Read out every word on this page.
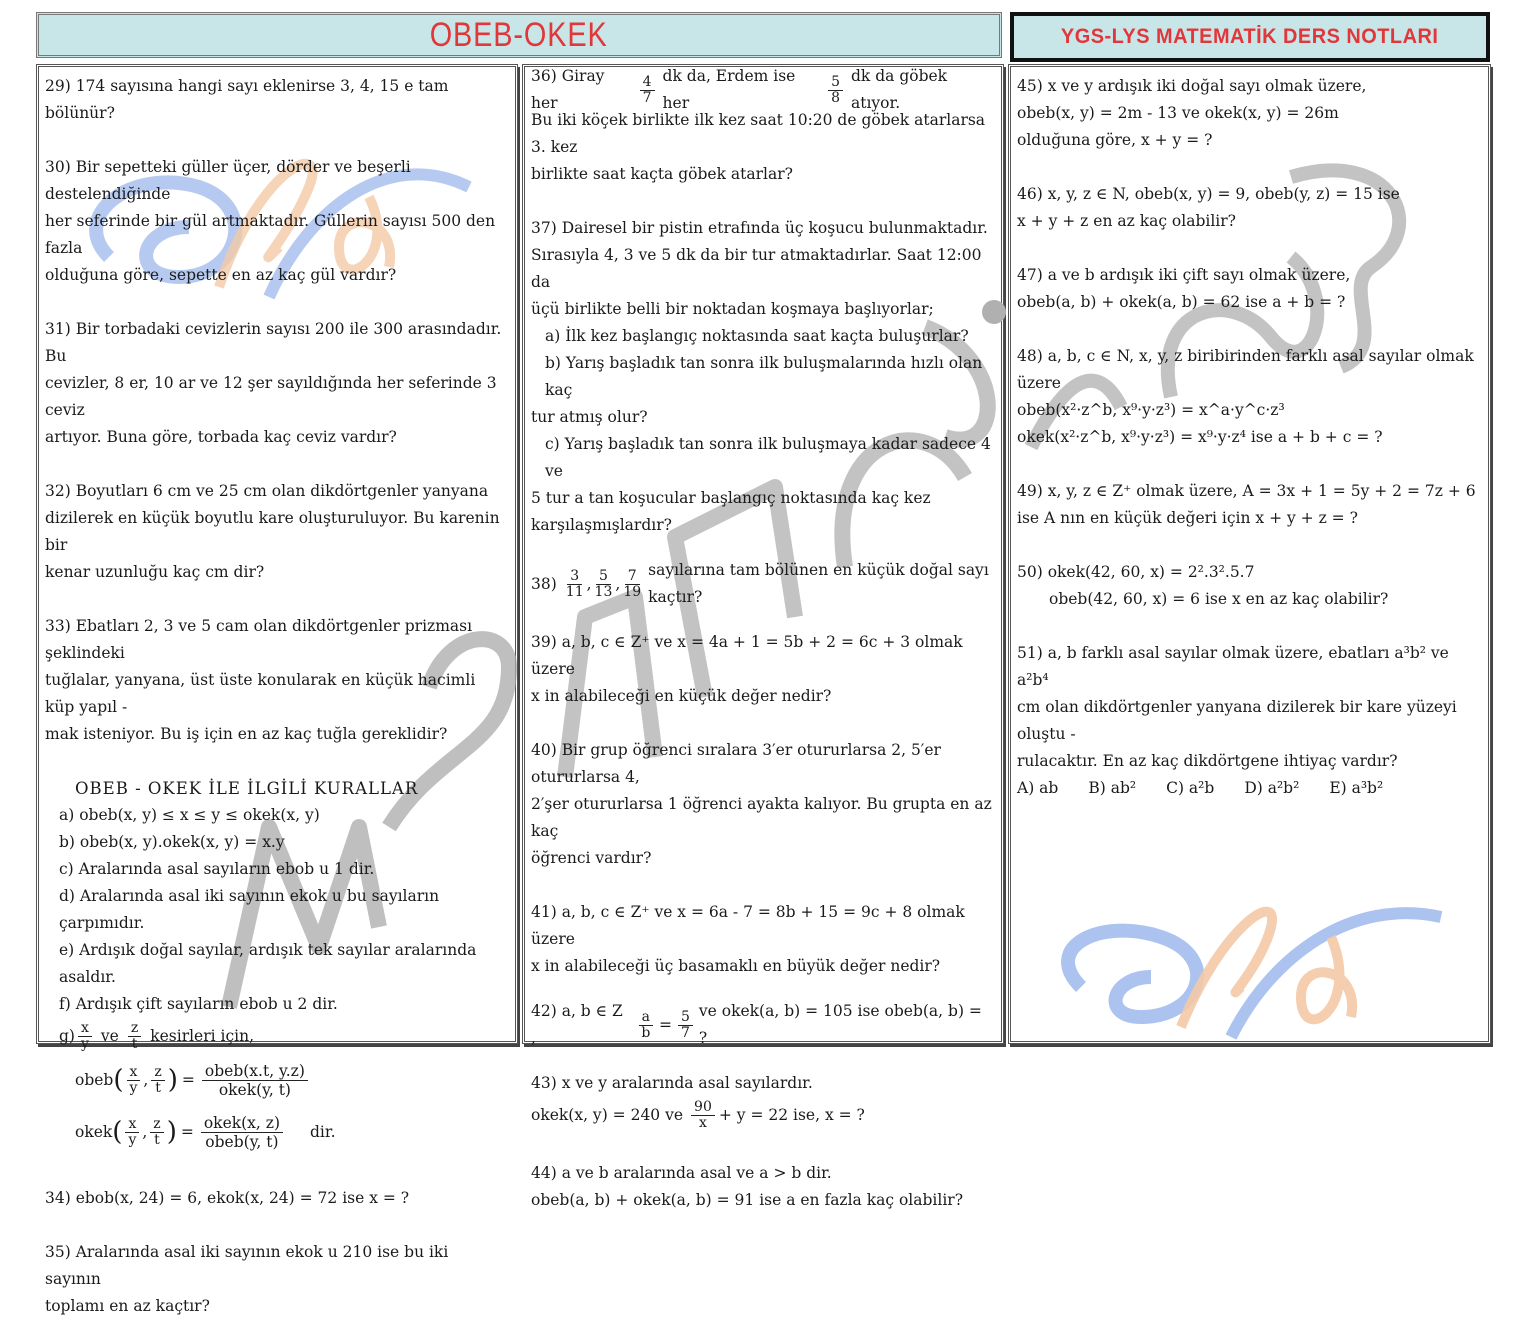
OBEB-OKEK	YGS-LYS MATEMATİK DERS NOTLARI

29) 174 sayısına hangi sayı eklenirse 3, 4, 15 e tam bölünür?

30) Bir sepetteki güller üçer, dörder ve beşerli destelendiğinde

her seferinde bir gül artmaktadır. Güllerin sayısı 500 den fazla

olduğuna göre, sepette en az kaç gül vardır?

31) Bir torbadaki cevizlerin sayısı 200 ile 300 arasındadır. Bu

cevizler, 8 er, 10 ar ve 12 şer sayıldığında her seferinde 3 ceviz

artıyor. Buna göre, torbada kaç ceviz vardır?

32) Boyutları 6 cm ve 25 cm olan dikdörtgenler yanyana

dizilerek en küçük boyutlu kare oluşturuluyor. Bu karenin bir

kenar uzunluğu kaç cm dir?

33) Ebatları 2, 3 ve 5 cam olan dikdörtgenler prizması şeklindeki

tuğlalar, yanyana, üst üste konularak en küçük hacimli küp yapıl -

mak isteniyor. Bu iş için en az kaç tuğla gereklidir?

OBEB - OKEK İLE İLGİLİ KURALLAR

a) obeb(x, y) ≤ x ≤ y ≤ okek(x, y)

b) obeb(x, y).okek(x, y) = x.y

c) Aralarında asal sayıların ebob u 1 dir.

d) Aralarında asal iki sayının ekok u bu sayıların çarpımıdır.

e) Ardışık doğal sayılar, ardışık tek sayılar aralarında asaldır.

f) Ardışık çift sayıların ebob u 2 dir.

$g) \frac{x}{y}$ ve $\frac{z}{t}$ kesirleri için,
obeb ( $\frac{x}{y}$ , $\frac{z}{t}$ ) = $\frac{\text{obeb(x.t, y.z)}}{\text{okek(y, t)}}$
okek ( $\frac{x}{y}$ , $\frac{z}{t}$ ) = $\frac{\text{okek(x, z)}}{\text{obeb(y, t)}}$ dir.

34) ebob(x, 24) = 6, ekok(x, 24) = 72 ise x = ?

35) Aralarında asal iki sayının ekok u 210 ise bu iki sayının

toplamı en az kaçtır?

36) Giray her	$\frac{4}{7}$ dk da, Erdem ise her	$\frac{5}{8}$ dk da göbek atıyor.

Bu iki köçek birlikte ilk kez saat 10:20 de göbek atarlarsa 3. kez

birlikte saat kaçta göbek atarlar?

37) Dairesel bir pistin etrafında üç koşucu bulunmaktadır.

Sırasıyla 4, 3 ve 5 dk da bir tur atmaktadırlar. Saat 12:00 da

üçü birlikte belli bir noktadan koşmaya başlıyorlar;

a) İlk kez başlangıç noktasında saat kaçta buluşurlar?

b) Yarış başladık tan sonra ilk buluşmalarında hızlı olan kaç

tur atmış olur?

c) Yarış başladık tan sonra ilk buluşmaya kadar sadece 4 ve

5 tur a tan koşucular başlangıç noktasında kaç kez

karşılaşmışlardır?

$38) \frac{3}{11}$ , $\frac{5}{13}$ , $\frac{7}{19}$ sayılarına tam bölünen en küçük doğal sayı kaçtır?

39) a, b, c ∈ Z⁺ ve x = 4a + 1 = 5b + 2 = 6c + 3 olmak üzere

x in alabileceği en küçük değer nedir?

40) Bir grup öğrenci sıralara 3′er otururlarsa 2, 5′er otururlarsa 4,

2′şer otururlarsa 1 öğrenci ayakta kalıyor. Bu grupta en az kaç

öğrenci vardır?

41) a, b, c ∈ Z⁺ ve x = 6a - 7 = 8b + 15 = 9c + 8 olmak üzere

x in alabileceği üç basamaklı en büyük değer nedir?

42) a, b ∈ Z ,	$\frac{a}{b} = \frac{5}{7}$ ve okek(a, b) = 105 ise obeb(a, b) = ?

43) x ve y aralarında asal sayılardır.

okek(x, y) = 240 ve $\frac{90}{x} + y = 22$ ise, x = ?

44) a ve b aralarında asal ve a > b dir.

obeb(a, b) + okek(a, b) = 91 ise a en fazla kaç olabilir?

45) x ve y ardışık iki doğal sayı olmak üzere,

obeb(x, y) = 2m - 13 ve okek(x, y) = 26m

olduğuna göre, x + y = ?

46) x, y, z ∈ N, obeb(x, y) = 9, obeb(y, z) = 15 ise

x + y + z en az kaç olabilir?

47) a ve b ardışık iki çift sayı olmak üzere,

obeb(a, b) + okek(a, b) = 62 ise a + b = ?

48) a, b, c ∈ N, x, y, z biribirinden farklı asal sayılar olmak üzere

obeb(x²·z^b, x⁹·y·z³) = x^a·y^c·z³

okek(x²·z^b, x⁹·y·z³) = x⁹·y·z⁴ ise a + b + c = ?

49) x, y, z ∈ Z⁺ olmak üzere, A = 3x + 1 = 5y + 2 = 7z + 6

ise A nın en küçük değeri için x + y + z = ?

50) okek(42, 60, x) = 2².3².5.7

obeb(42, 60, x) = 6 ise x en az kaç olabilir?

51) a, b farklı asal sayılar olmak üzere, ebatları a³b² ve a²b⁴

cm olan dikdörtgenler yanyana dizilerek bir kare yüzeyi oluştu -

rulacaktır. En az kaç dikdörtgene ihtiyaç vardır?

A) ab B) ab² C) a²b D) a²b² E) a³b²
